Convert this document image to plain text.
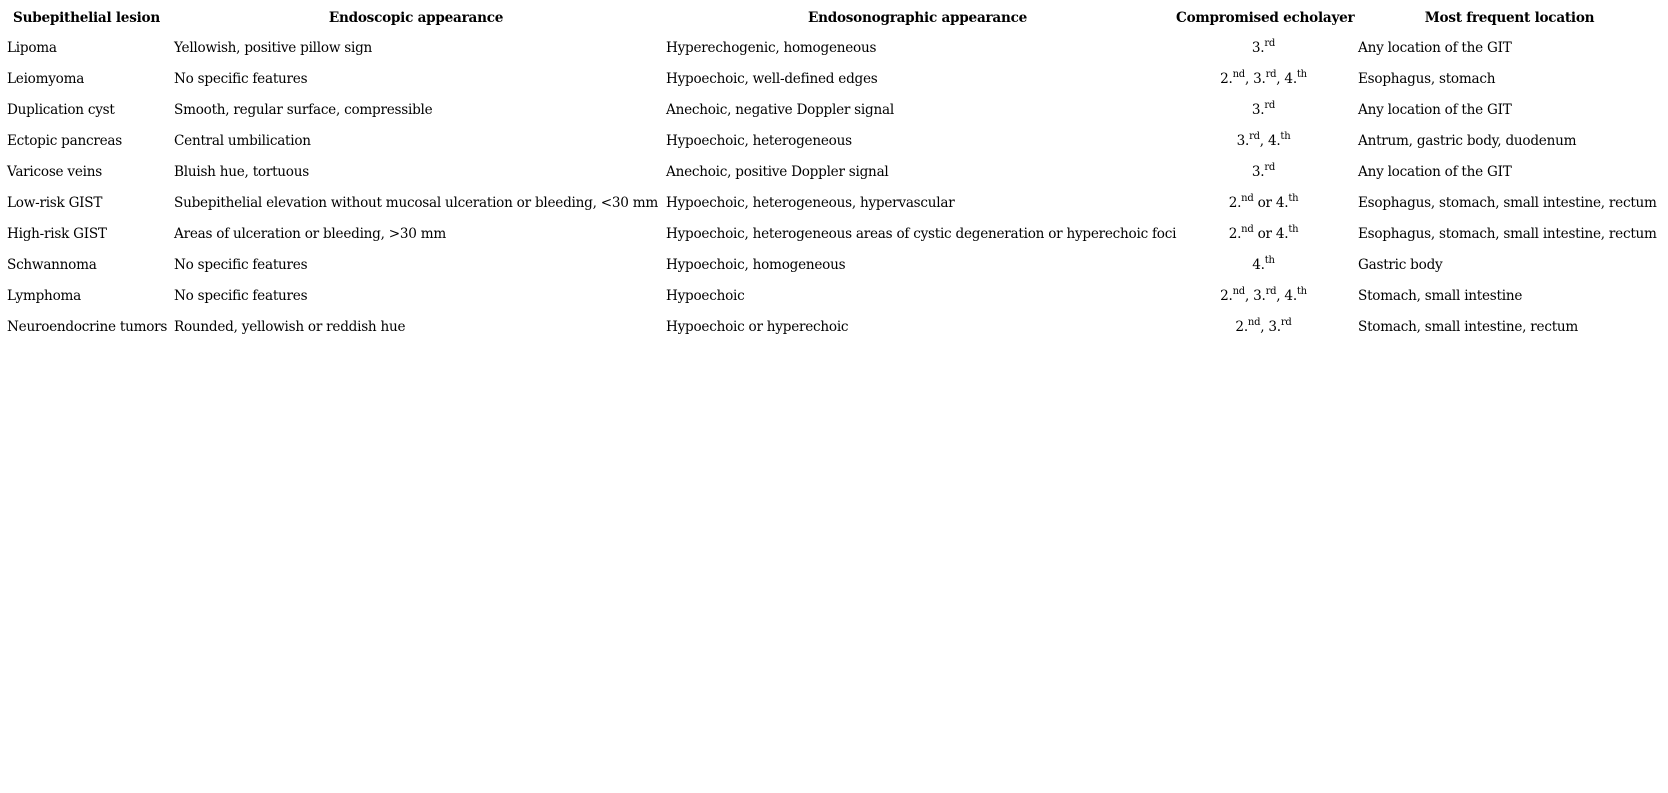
Subepithelial lesion	Endoscopic appearance	Endosonographic appearance	Compromised echolayer	Most frequent location
Lipoma	Yellowish, positive pillow sign	Hyperechogenic, homogeneous	3.$^{rd}$	Any location of the GIT
Leiomyoma	No specific features	Hypoechoic, well-defined edges	2.$^{nd}$, 3.$^{rd}$, 4.$^{th}$	Esophagus, stomach
Duplication cyst	Smooth, regular surface, compressible	Anechoic, negative Doppler signal	3.$^{rd}$	Any location of the GIT
Ectopic pancreas	Central umbilication	Hypoechoic, heterogeneous	3.$^{rd}$, 4.$^{th}$	Antrum, gastric body, duodenum
Varicose veins	Bluish hue, tortuous	Anechoic, positive Doppler signal	3.$^{rd}$	Any location of the GIT
Low-risk GIST	Subepithelial elevation without mucosal ulceration or bleeding, <30 mm	Hypoechoic, heterogeneous, hypervascular	2.$^{nd}$ or 4.$^{th}$	Esophagus, stomach, small intestine, rectum
High-risk GIST	Areas of ulceration or bleeding, >30 mm	Hypoechoic, heterogeneous areas of cystic degeneration or hyperechoic foci	2.$^{nd}$ or 4.$^{th}$	Esophagus, stomach, small intestine, rectum
Schwannoma	No specific features	Hypoechoic, homogeneous	4.$^{th}$	Gastric body
Lymphoma	No specific features	Hypoechoic	2.$^{nd}$, 3.$^{rd}$, 4.$^{th}$	Stomach, small intestine
Neuroendocrine tumors	Rounded, yellowish or reddish hue	Hypoechoic or hyperechoic	2.$^{nd}$, 3.$^{rd}$	Stomach, small intestine, rectum
